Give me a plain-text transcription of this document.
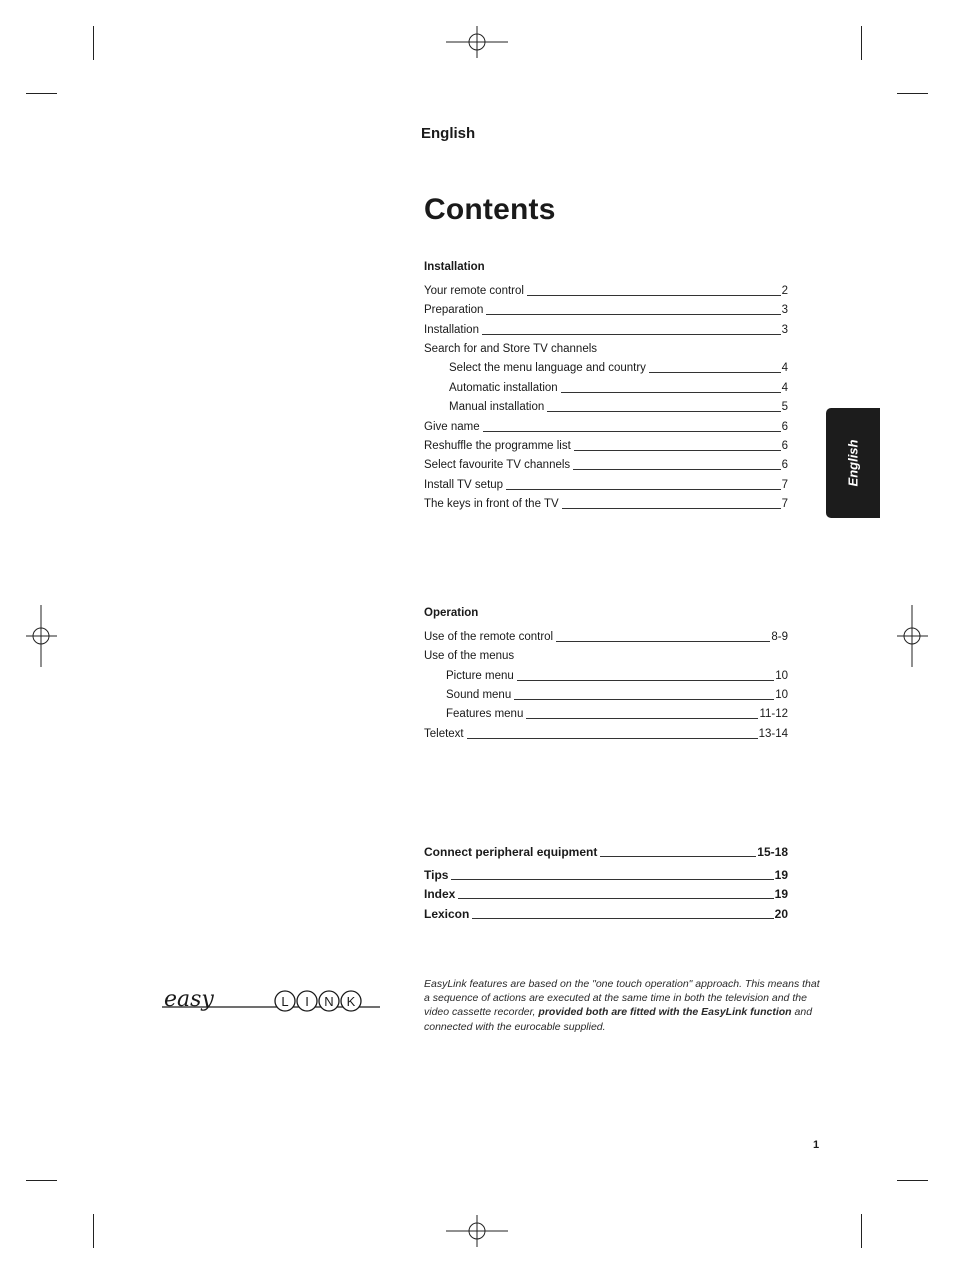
English
Contents
Installation
Your remote control	2
Preparation	3
Installation	3
Search for and Store TV channels
Select the menu language and country	4
Automatic installation	4
Manual installation	5
Give name	6
Reshuffle the programme list	6
Select favourite TV channels	6
Install TV setup	7
The keys in front of the TV	7
English
Operation
Use of the remote control	8-9
Use of the menus
Picture menu	10
Sound menu	10
Features menu	11-12
Teletext	13-14
Connect peripheral equipment	15-18
Tips	19
Index	19
Lexicon	20
easy	L I N K
EasyLink features are based on the "one touch operation" approach. This means that a sequence of actions are executed at the same time in both the television and the video cassette recorder, provided both are fitted with the EasyLink function and connected with the eurocable supplied.
1
